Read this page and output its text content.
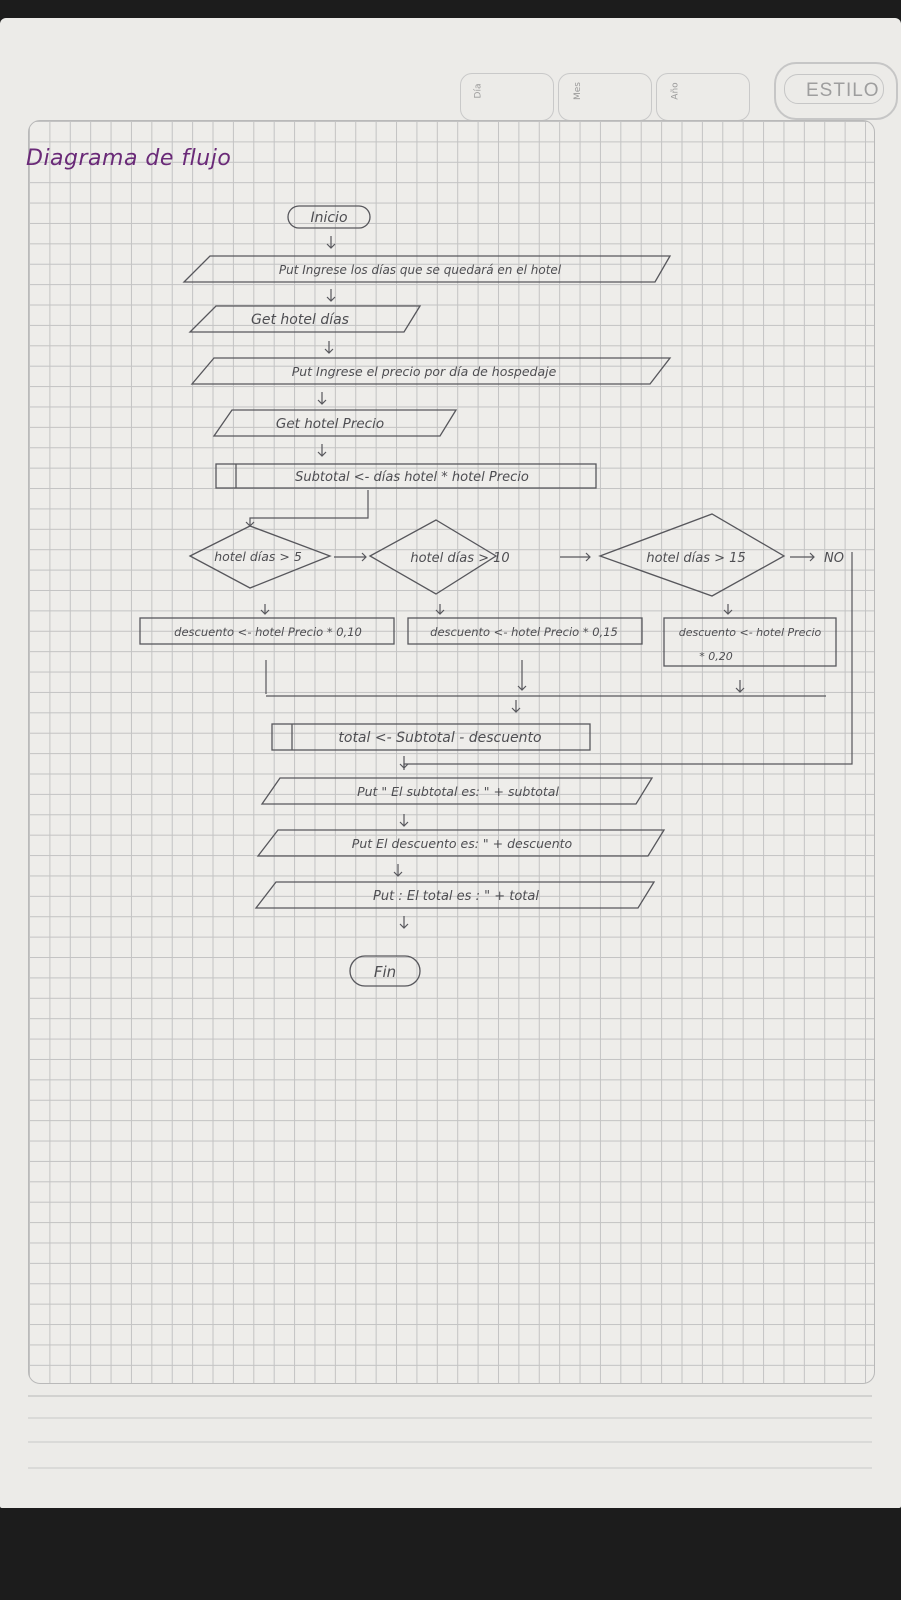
Día	Mes	Año	ESTILO
Diagrama de flujo
Inicio
Put Ingrese los días que se quedará en el hotel
Get hotel días
Put Ingrese el precio por día de hospedaje
Get hotel Precio
Subtotal <- días hotel * hotel Precio
hotel días > 5	hotel días > 10	hotel días > 15	NO
descuento <- hotel Precio * 0,10	descuento <- hotel Precio * 0,15	descuento <- hotel Precio
* 0,20
total <- Subtotal - descuento
Put " El subtotal es: " + subtotal
Put El descuento es: " + descuento
Put : El total es : " + total
Fin
